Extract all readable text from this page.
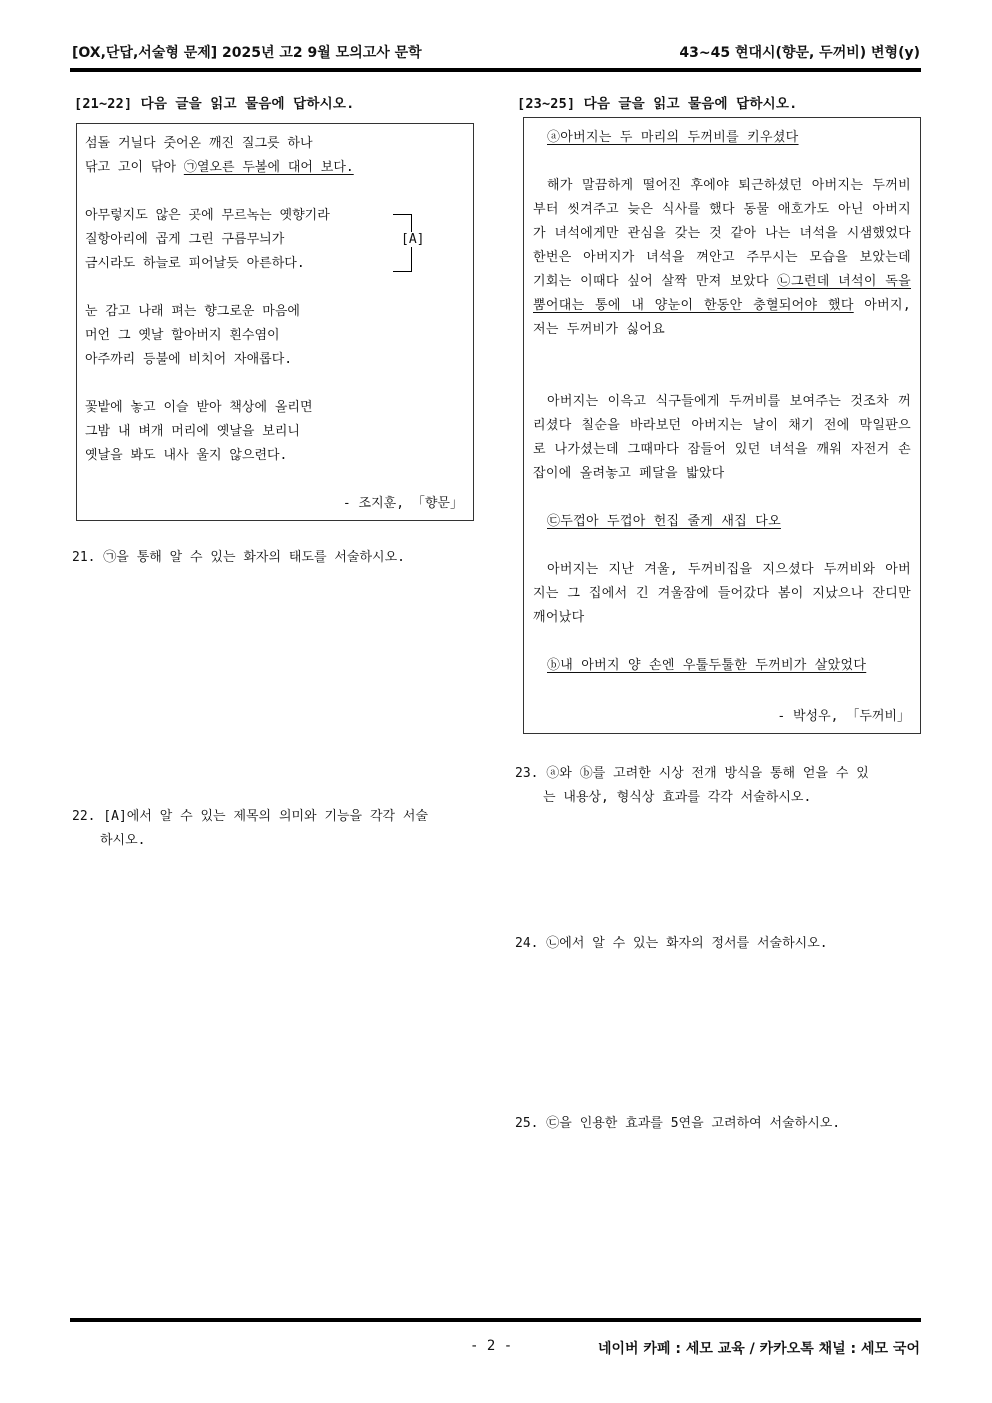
[OX,단답,서술형 문제] 2025년 고2 9월 모의고사 문학	43~45 현대시(향문, 두꺼비) 변형(y)
[21~22] 다음 글을 읽고 물음에 답하시오.
섬돌 거닐다 줏어온 깨진 질그릇 하나
닦고 고이 닦아 ㉠열오른 두볼에 대어 보다.
아무렇지도 않은 곳에 무르녹는 옛향기라
질항아리에 곱게 그린 구름무늬가
금시라도 하늘로 피어날듯 아른하다.
[A]
눈 감고 나래 펴는 향그로운 마음에
머언 그 옛날 할아버지 흰수염이
아주까리 등불에 비치어 자애롭다.
꽃밭에 놓고 이슬 받아 책상에 올리면
그밤 내 벼개 머리에 옛날을 보리니
옛날을 봐도 내사 울지 않으련다.
- 조지훈, 「향문」
21. ㉠을 통해 알 수 있는 화자의 태도를 서술하시오.
22. [A]에서 알 수 있는 제목의 의미와 기능을 각각 서술
하시오.
[23~25] 다음 글을 읽고 물음에 답하시오.
ⓐ아버지는 두 마리의 두꺼비를 키우셨다
해가 말끔하게 떨어진 후에야 퇴근하셨던 아버지는 두꺼비부터 씻겨주고 늦은 식사를 했다 동물 애호가도 아닌 아버지가 녀석에게만 관심을 갖는 것 같아 나는 녀석을 시샘했었다 한번은 아버지가 녀석을 껴안고 주무시는 모습을 보았는데 기회는 이때다 싶어 살짝 만져 보았다 ㉡그런데 녀석이 독을 뿜어대는 통에 내 양눈이 한동안 충혈되어야 했다 아버지, 저는 두꺼비가 싫어요
아버지는 이윽고 식구들에게 두꺼비를 보여주는 것조차 꺼리셨다 칠순을 바라보던 아버지는 날이 채기 전에 막일판으로 나가셨는데 그때마다 잠들어 있던 녀석을 깨워 자전거 손잡이에 올려놓고 페달을 밟았다
㉢두껍아 두껍아 헌집 줄게 새집 다오
아버지는 지난 겨울, 두꺼비집을 지으셨다 두꺼비와 아버지는 그 집에서 긴 겨울잠에 들어갔다 봄이 지났으나 잔디만 깨어났다
ⓑ내 아버지 양 손엔 우툴두툴한 두꺼비가 살았었다
- 박성우, 「두꺼비」
23. ⓐ와 ⓑ를 고려한 시상 전개 방식을 통해 얻을 수 있
는 내용상, 형식상 효과를 각각 서술하시오.
24. ㉡에서 알 수 있는 화자의 정서를 서술하시오.
25. ㉢을 인용한 효과를 5연을 고려하여 서술하시오.
- 2 -	네이버 카페 : 세모 교육 / 카카오톡 채널 : 세모 국어
